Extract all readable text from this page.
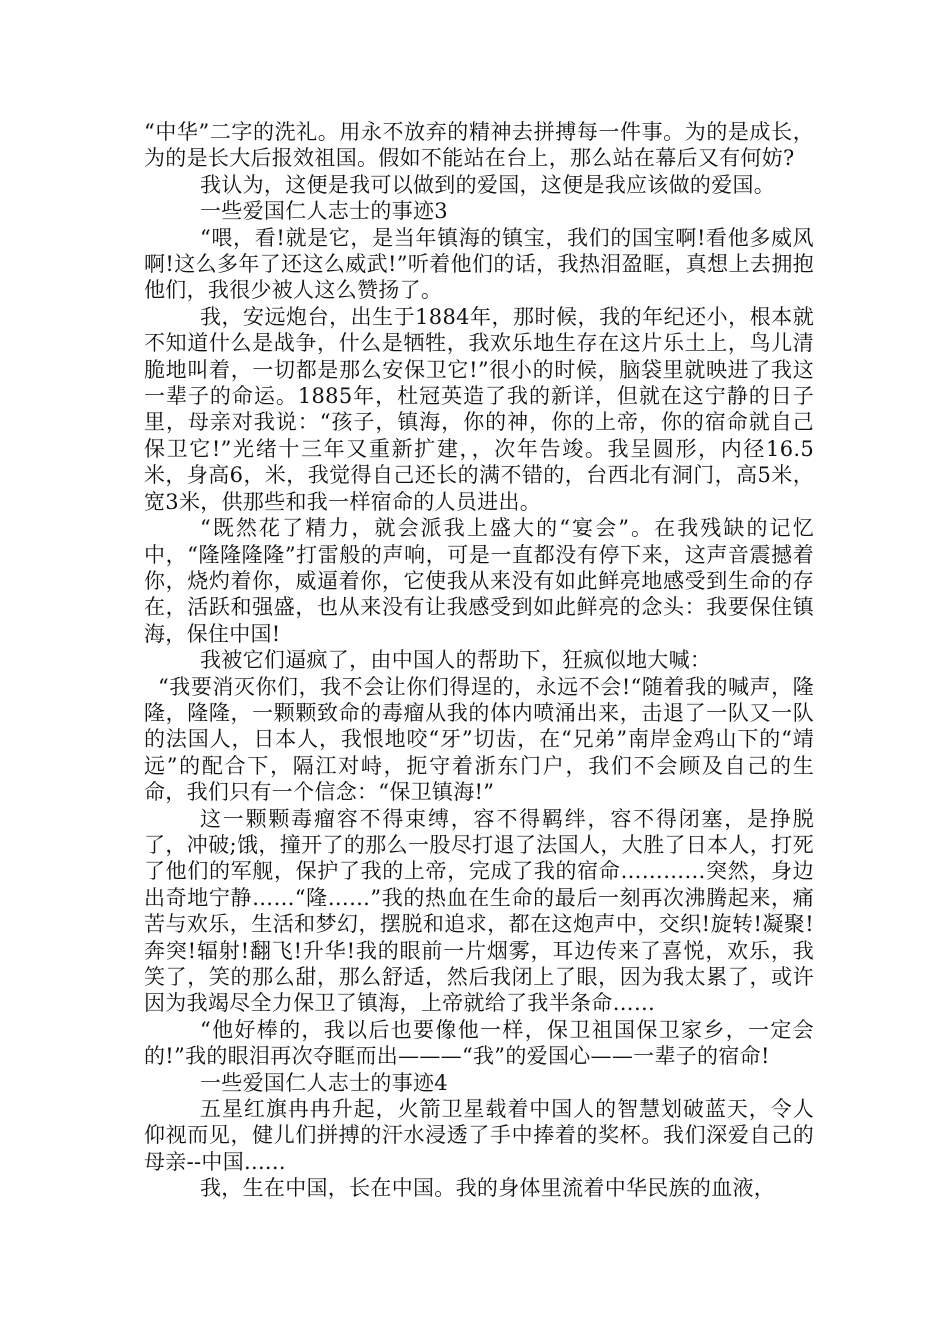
“中华”二字的洗礼。用永不放弃的精神去拼搏每一件事。为的是成长，为的是长大后报效祖国。假如不能站在台上，那么站在幕后又有何妨?

我认为，这便是我可以做到的爱国，这便是我应该做的爱国。

一些爱国仁人志士的事迹3

“喂，看!就是它，是当年镇海的镇宝，我们的国宝啊!看他多威风啊!这么多年了还这么威武!”听着他们的话，我热泪盈眶，真想上去拥抱他们，我很少被人这么赞扬了。

我，安远炮台，出生于1884年，那时候，我的年纪还小，根本就不知道什么是战争，什么是牺牲，我欢乐地生存在这片乐土上，鸟儿清脆地叫着，一切都是那么安保卫它!”很小的时候，脑袋里就映进了我这一辈子的命运。1885年，杜冠英造了我的新详，但就在这宁静的日子里，母亲对我说：“孩子，镇海，你的神，你的上帝，你的宿命就自己保卫它!”光绪十三年又重新扩建，，次年告竣。我呈圆形，内径16.5米，身高6，米，我觉得自己还长的满不错的，台西北有洞门，高5米，宽3米，供那些和我一样宿命的人员进出。

“既然花了精力，就会派我上盛大的“宴会”。在我残缺的记忆中，“隆隆隆隆”打雷般的声响，可是一直都没有停下来，这声音震撼着你，烧灼着你，威逼着你，它使我从来没有如此鲜亮地感受到生命的存在，活跃和强盛，也从来没有让我感受到如此鲜亮的念头：我要保住镇海，保住中国!

我被它们逼疯了，由中国人的帮助下，狂疯似地大喊：

“我要消灭你们，我不会让你们得逞的，永远不会!“随着我的喊声，隆隆，隆隆，一颗颗致命的毒瘤从我的体内喷涌出来，击退了一队又一队的法国人，日本人，我恨地咬“牙”切齿，在“兄弟”南岸金鸡山下的“靖远”的配合下，隔江对峙，扼守着浙东门户，我们不会顾及自己的生命，我们只有一个信念：“保卫镇海!”

这一颗颗毒瘤容不得束缚，容不得羁绊，容不得闭塞，是挣脱了，冲破;饿，撞开了的那么一股尽打退了法国人，大胜了日本人，打死了他们的军舰，保护了我的上帝，完成了我的宿命…………突然，身边出奇地宁静……“隆……”我的热血在生命的最后一刻再次沸腾起来，痛苦与欢乐，生活和梦幻，摆脱和追求，都在这炮声中，交织!旋转!凝聚!奔突!辐射!翻飞!升华!我的眼前一片烟雾，耳边传来了喜悦，欢乐，我笑了，笑的那么甜，那么舒适，然后我闭上了眼，因为我太累了，或许因为我竭尽全力保卫了镇海，上帝就给了我半条命……

“他好棒的，我以后也要像他一样，保卫祖国保卫家乡，一定会的!”我的眼泪再次夺眶而出———“我”的爱国心——一辈子的宿命!

一些爱国仁人志士的事迹4

五星红旗冉冉升起，火箭卫星载着中国人的智慧划破蓝天，令人仰视而见，健儿们拼搏的汗水浸透了手中捧着的奖杯。我们深爱自己的母亲--中国......

我，生在中国，长在中国。我的身体里流着中华民族的血液，
